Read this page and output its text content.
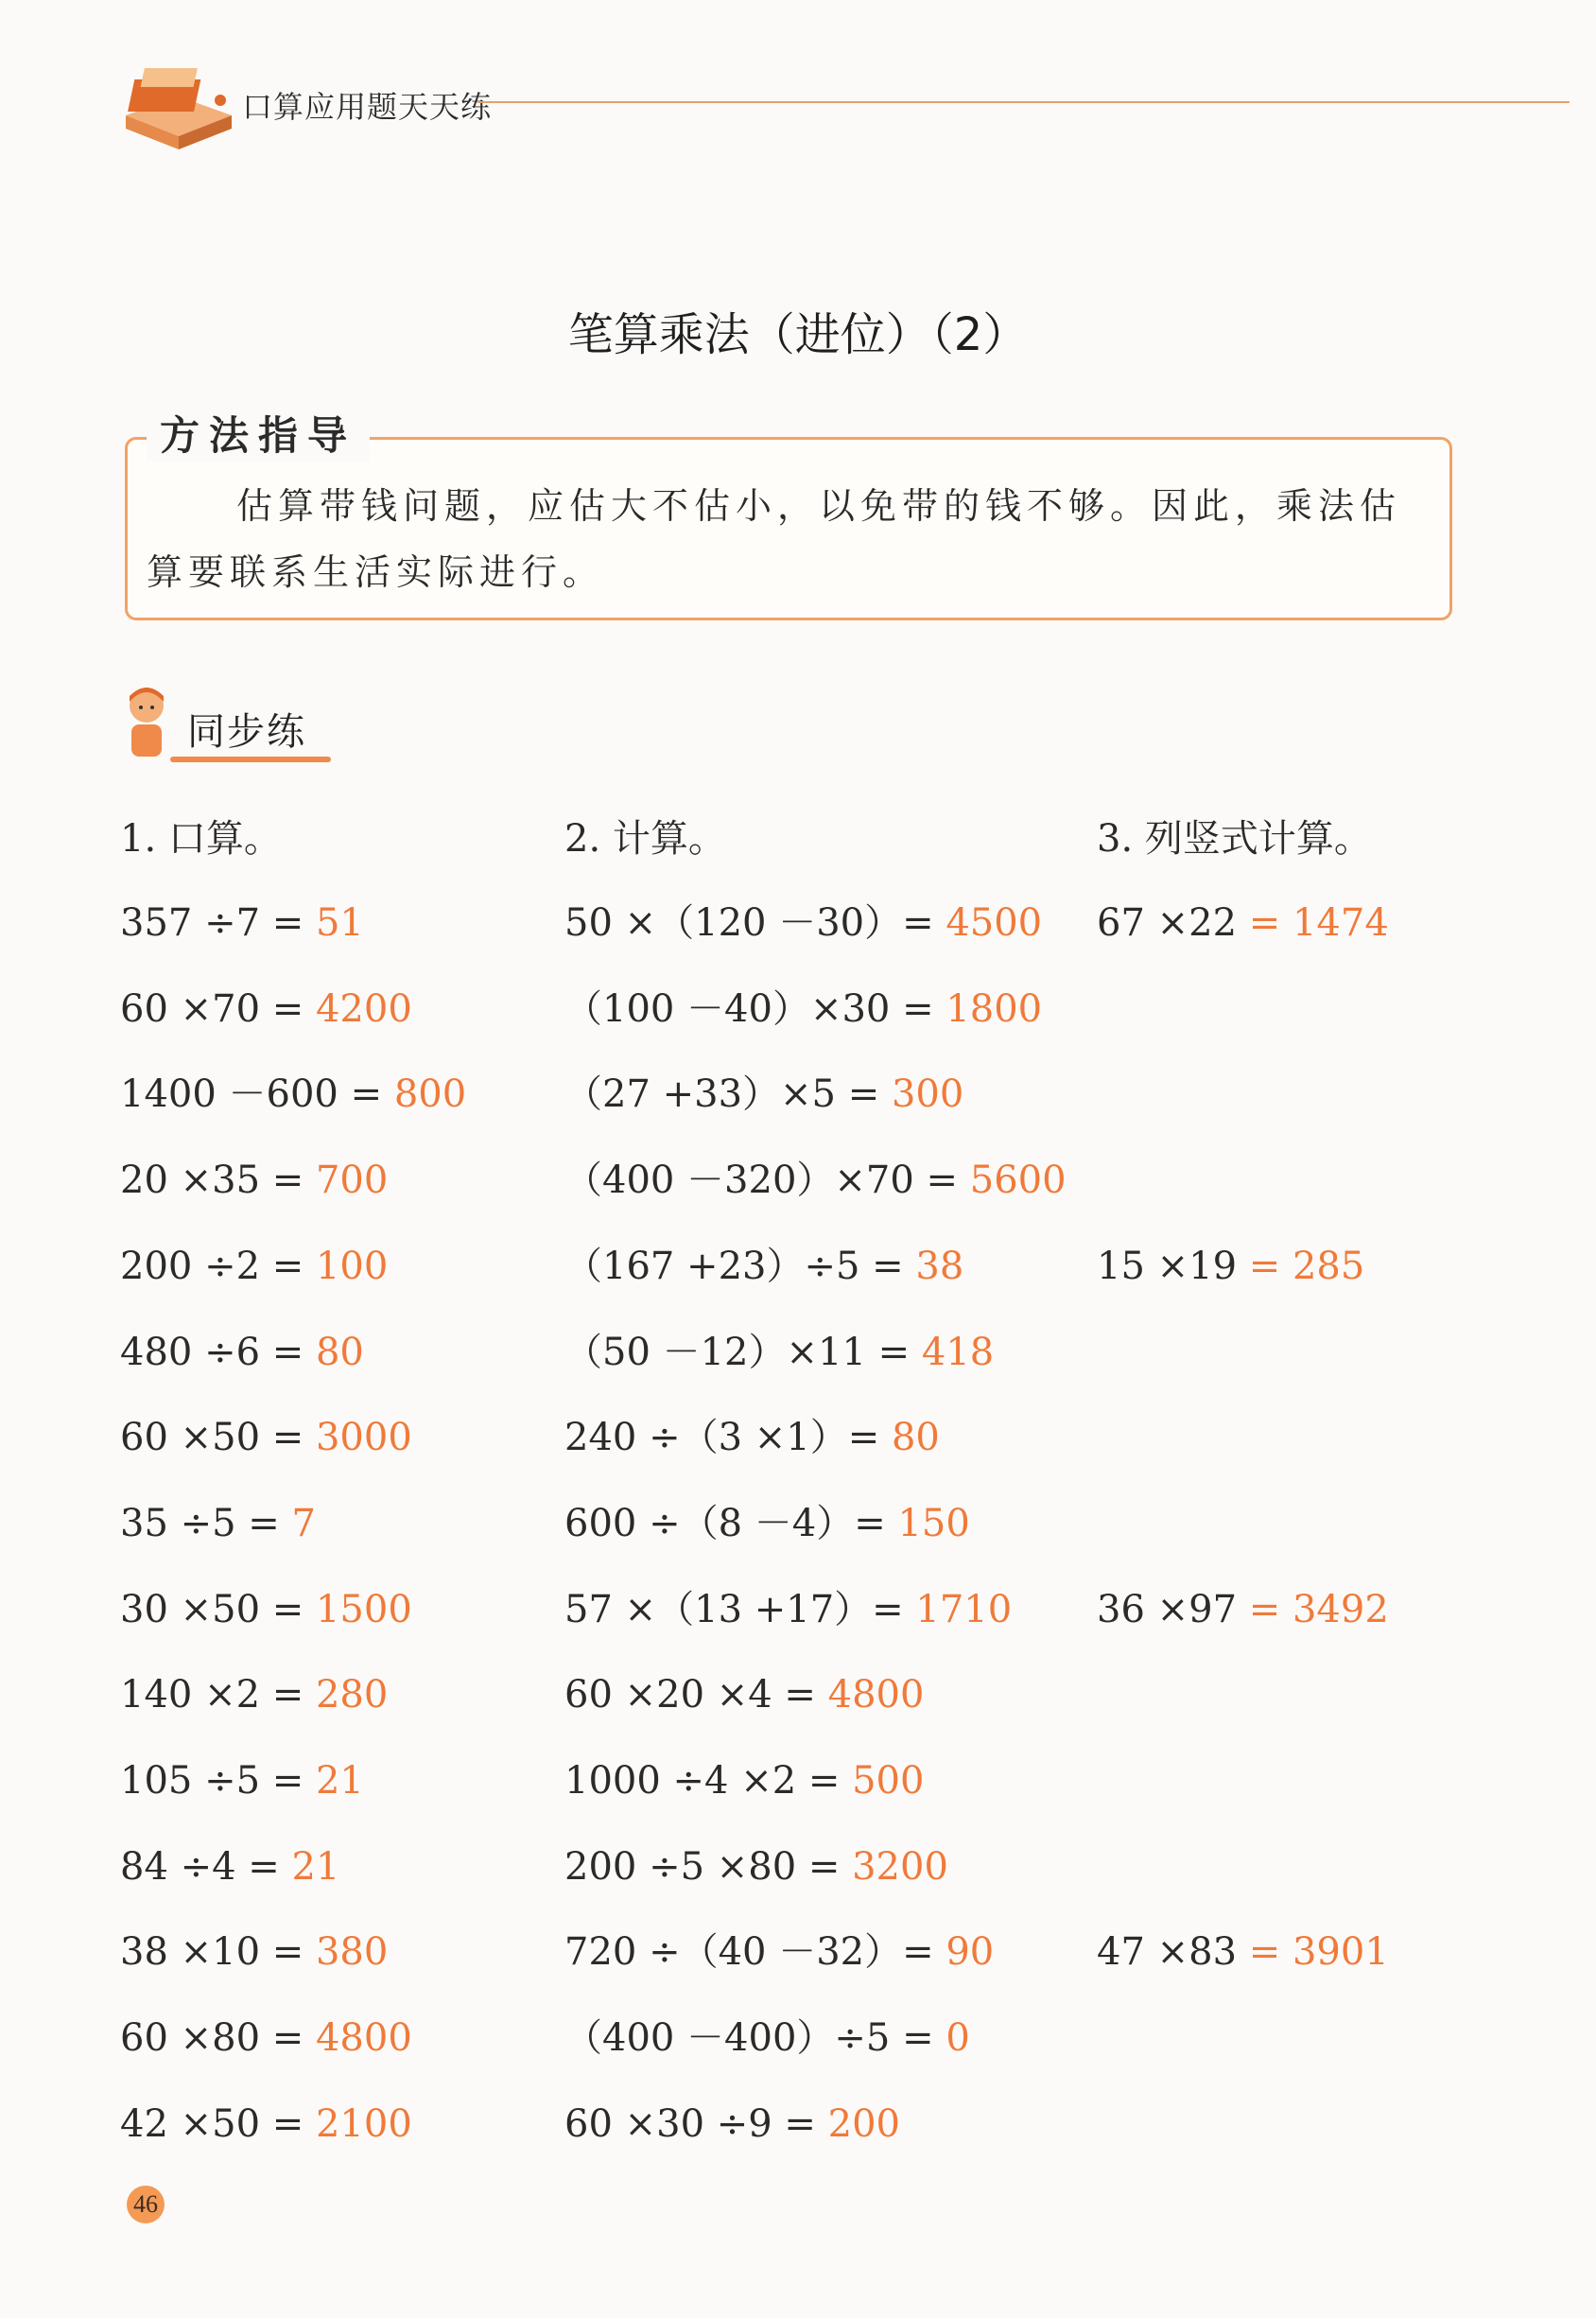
口算应用题天天练
笔算乘法（进位）（2）
方法指导
估算带钱问题，应估大不估小，以免带的钱不够。因此，乘法估算要联系生活实际进行。
同步练
1. 口算。	2. 计算。	3. 列竖式计算。
357 ÷7 = 51
60 ×70 = 4200
1400 －600 = 800
20 ×35 = 700
200 ÷2 = 100
480 ÷6 = 80
60 ×50 = 3000
35 ÷5 = 7
30 ×50 = 1500
140 ×2 = 280
105 ÷5 = 21
84 ÷4 = 21
38 ×10 = 380
60 ×80 = 4800
42 ×50 = 2100
50 ×（120 －30）= 4500
（100 －40）×30 = 1800
（27 +33）×5 = 300
（400 －320）×70 = 5600
（167 +23）÷5 = 38
（50 －12）×11 = 418
240 ÷（3 ×1）= 80
600 ÷（8 －4）= 150
57 ×（13 +17）= 1710
60 ×20 ×4 = 4800
1000 ÷4 ×2 = 500
200 ÷5 ×80 = 3200
720 ÷（40 －32）= 90
（400 －400）÷5 = 0
60 ×30 ÷9 = 200
67 ×22 = 1474
15 ×19 = 285
36 ×97 = 3492
47 ×83 = 3901
46
